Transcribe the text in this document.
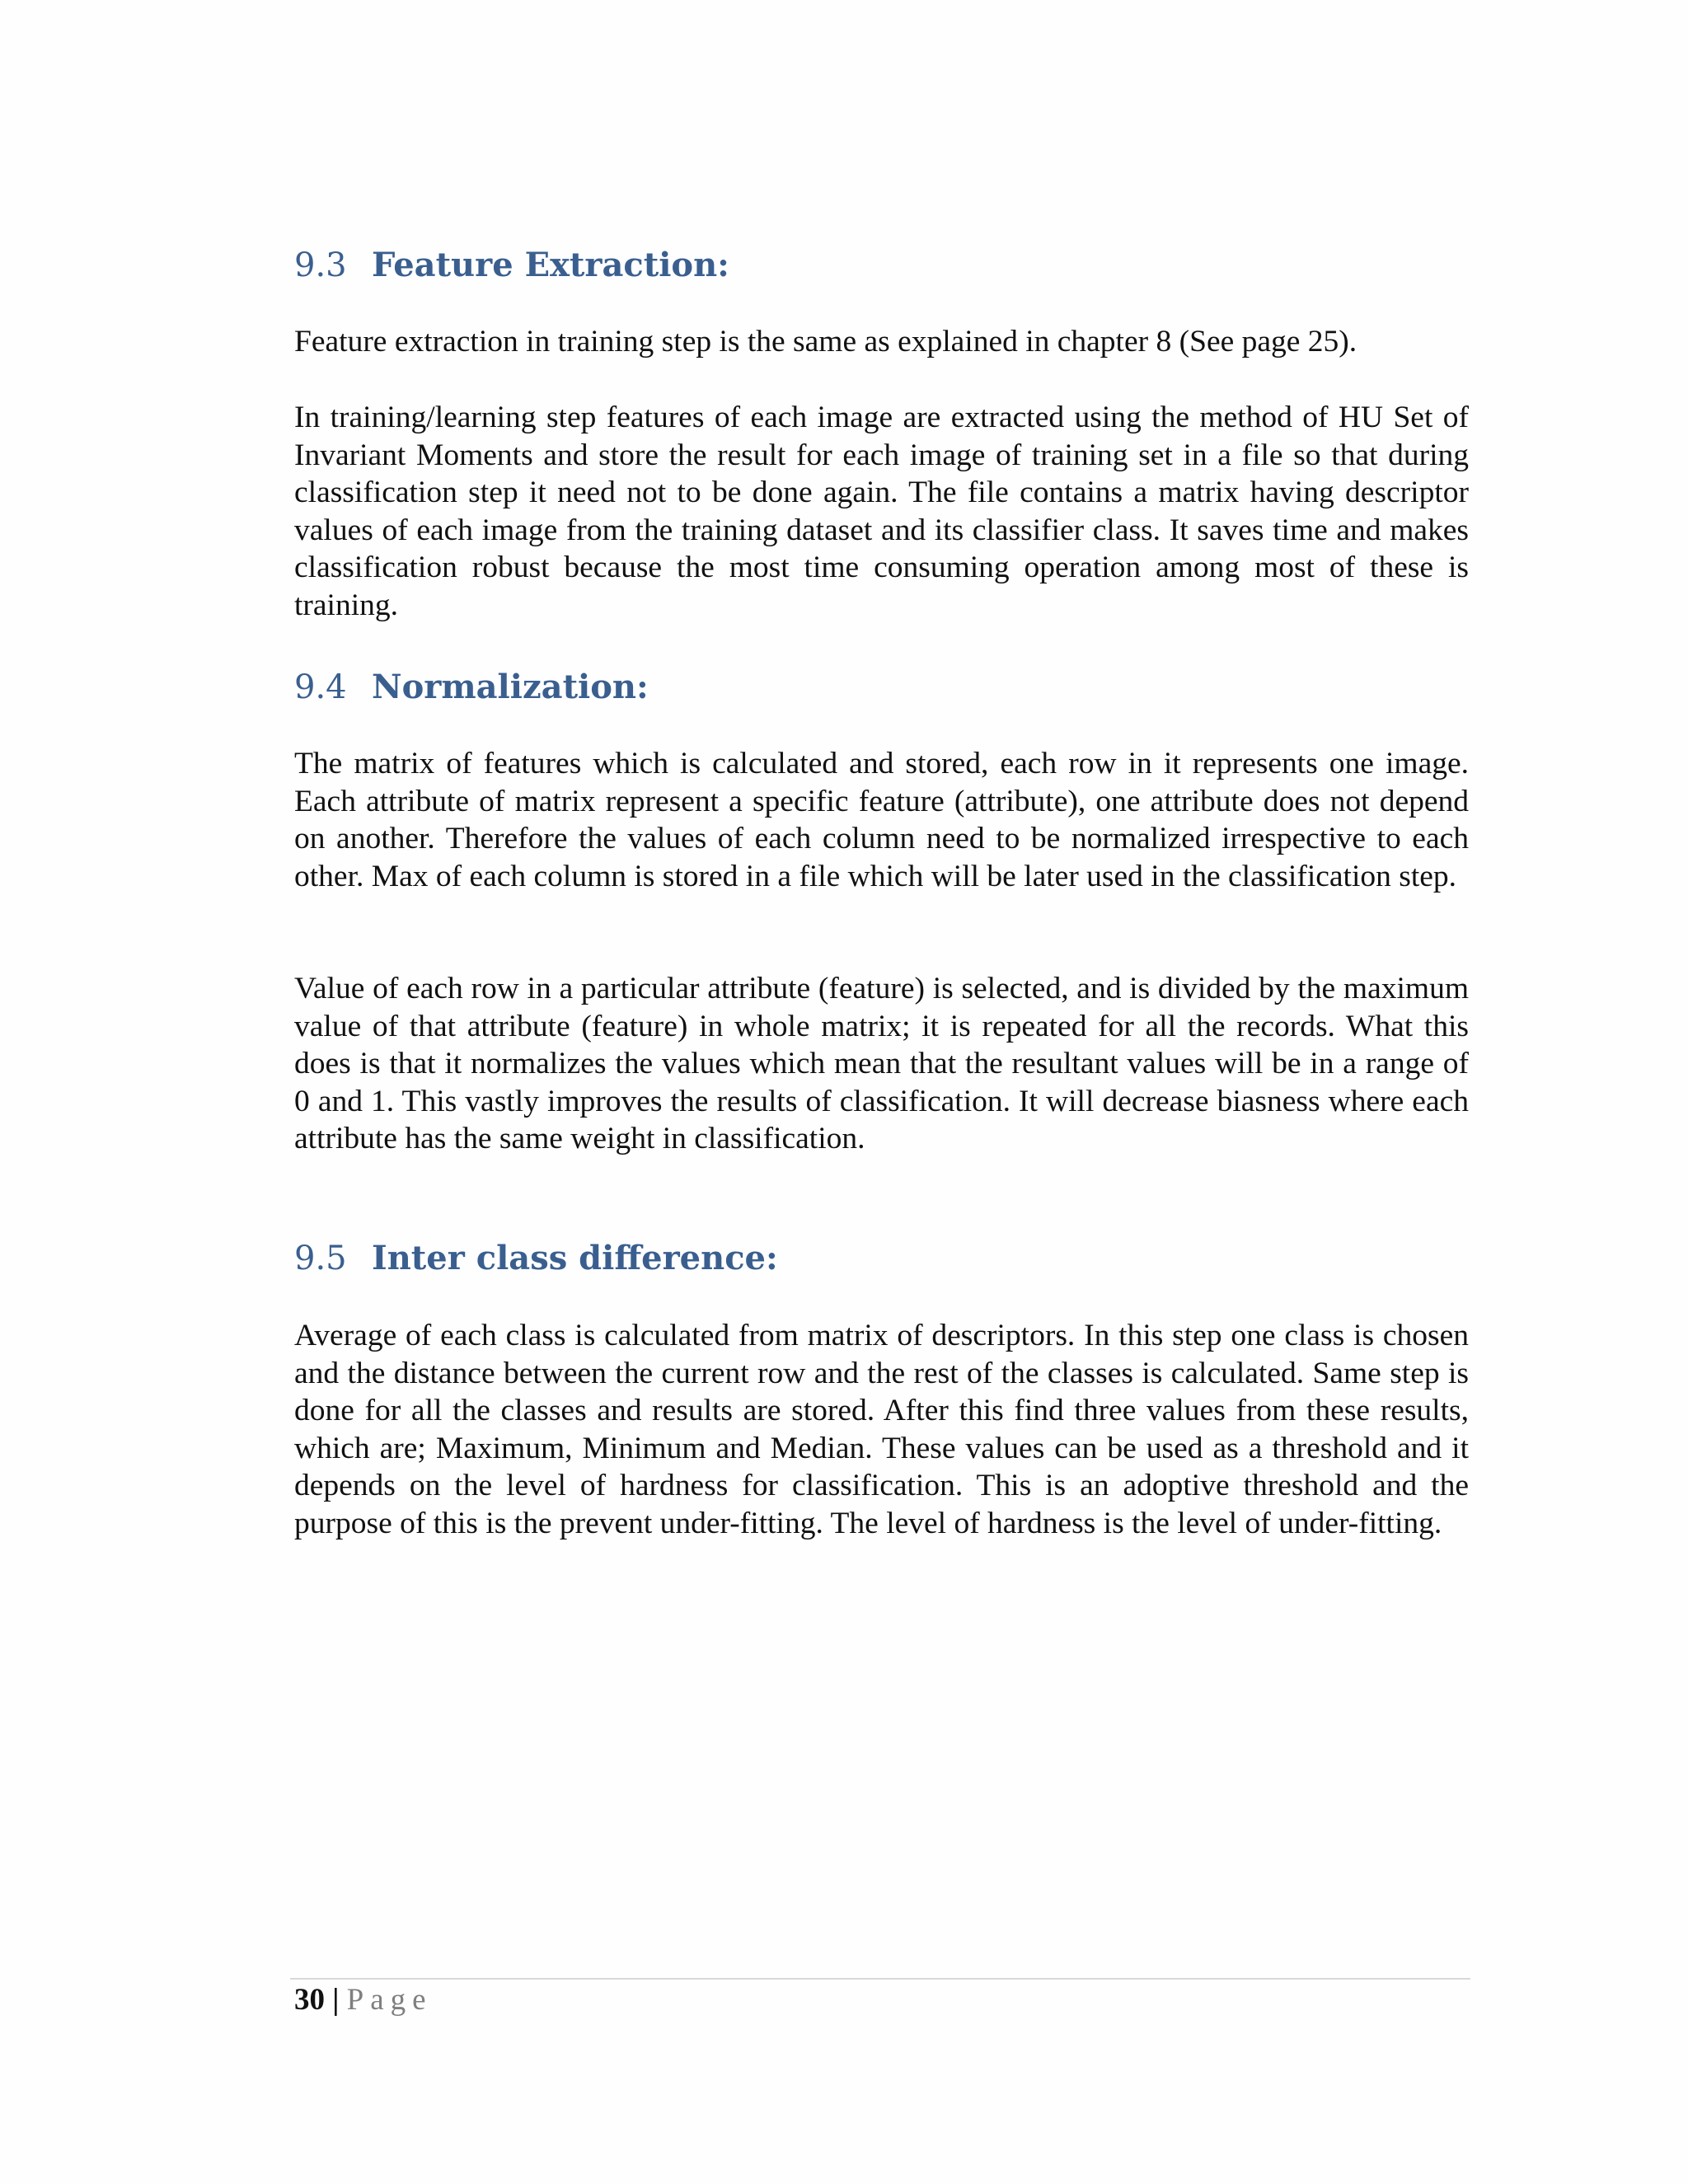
9.3 Feature Extraction:

Feature extraction in training step is the same as explained in chapter 8 (See page 25).

In training/learning step features of each image are extracted using the method of HU Set of Invariant Moments and store the result for each image of training set in a file so that during classification step it need not to be done again. The file contains a matrix having descriptor values of each image from the training dataset and its classifier class. It saves time and makes classification robust because the most time consuming operation among most of these is training.

9.4 Normalization:

The matrix of features which is calculated and stored, each row in it represents one image. Each attribute of matrix represent a specific feature (attribute), one attribute does not depend on another. Therefore the values of each column need to be normalized irrespective to each other. Max of each column is stored in a file which will be later used in the classification step.

Value of each row in a particular attribute (feature) is selected, and is divided by the maximum value of that attribute (feature) in whole matrix; it is repeated for all the records. What this does is that it normalizes the values which mean that the resultant values will be in a range of 0 and 1. This vastly improves the results of classification. It will decrease biasness where each attribute has the same weight in classification.

9.5 Inter class difference:

Average of each class is calculated from matrix of descriptors. In this step one class is chosen and the distance between the current row and the rest of the classes is calculated. Same step is done for all the classes and results are stored. After this find three values from these results, which are; Maximum, Minimum and Median. These values can be used as a threshold and it depends on the level of hardness for classification. This is an adoptive threshold and the purpose of this is the prevent under-fitting. The level of hardness is the level of under-fitting.

30 | Page
